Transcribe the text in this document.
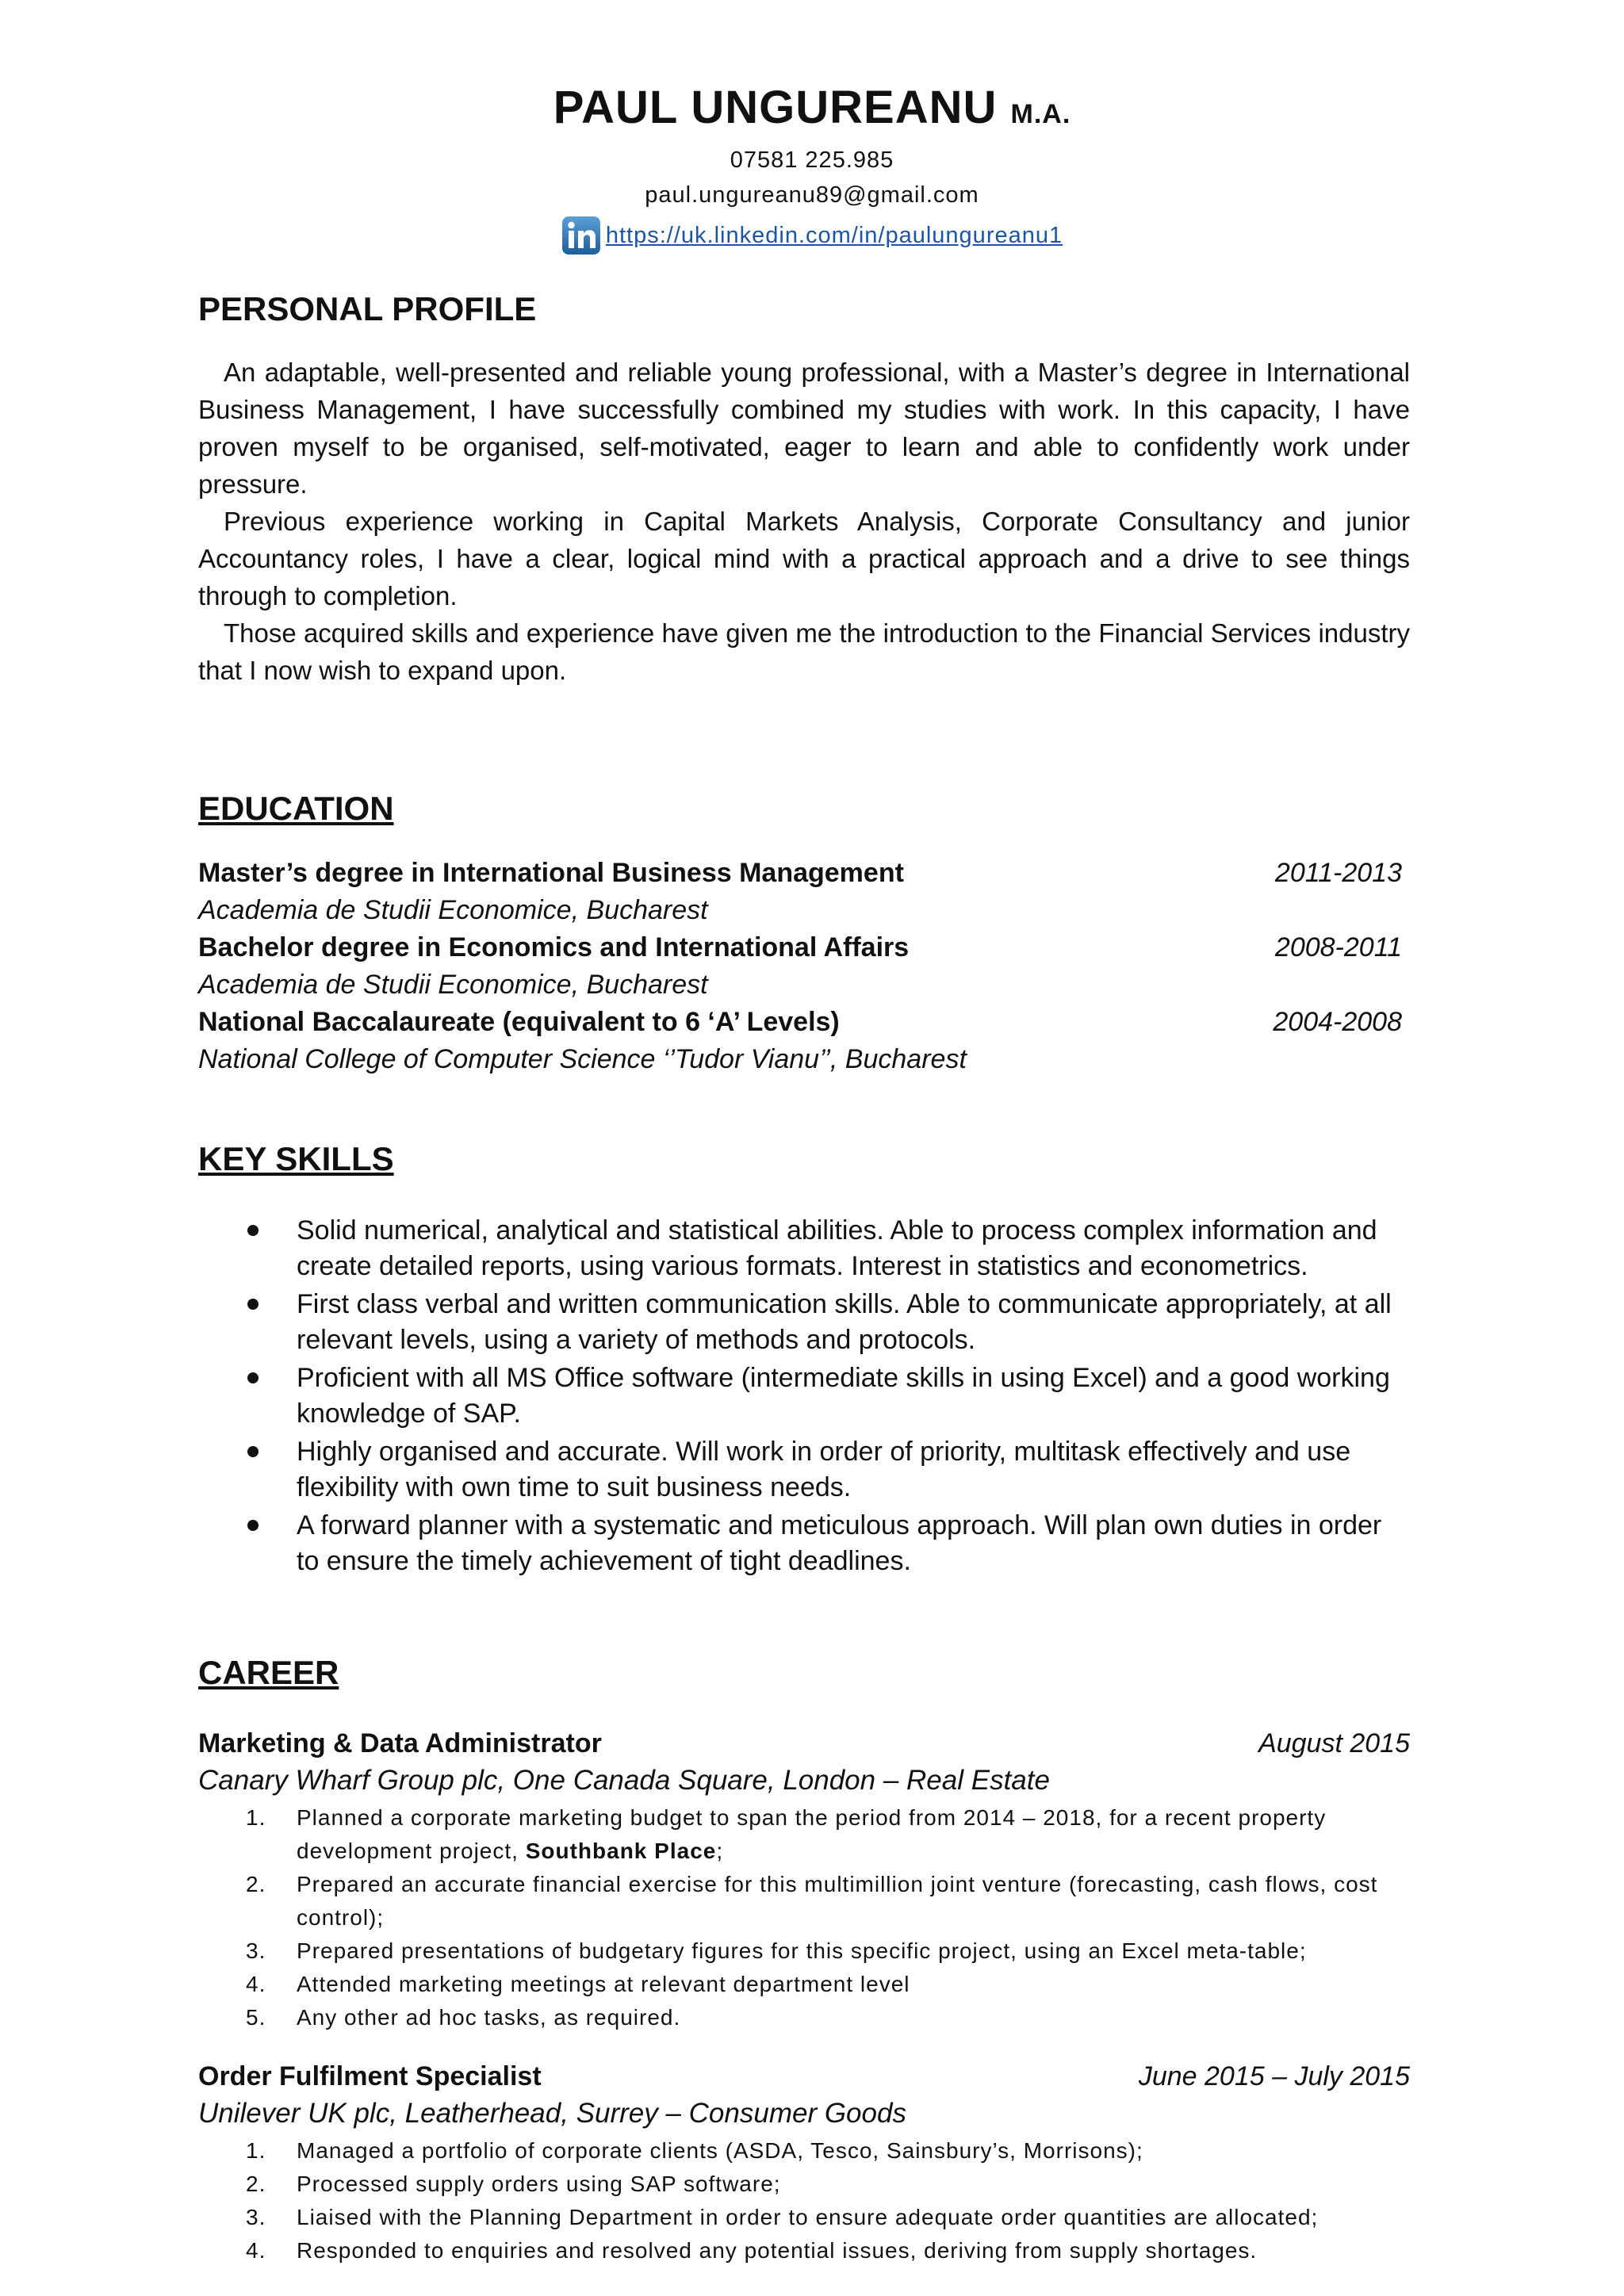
PAUL UNGUREANU M.A.
07581 225.985
paul.ungureanu89@gmail.com
https://uk.linkedin.com/in/paulungureanu1
PERSONAL PROFILE

An adaptable, well-presented and reliable young professional, with a Master’s degree in International Business Management, I have successfully combined my studies with work. In this capacity, I have proven myself to be organised, self-motivated, eager to learn and able to confidently work under pressure.

Previous experience working in Capital Markets Analysis, Corporate Consultancy and junior Accountancy roles, I have a clear, logical mind with a practical approach and a drive to see things through to completion.

Those acquired skills and experience have given me the introduction to the Financial Services industry that I now wish to expand upon.

EDUCATION
Master’s degree in International Business Management	2011-2013
Academia de Studii Economice, Bucharest
Bachelor degree in Economics and International Affairs	2008-2011
Academia de Studii Economice, Bucharest
National Baccalaureate (equivalent to 6 ‘A’ Levels)	2004-2008
National College of Computer Science ‘’Tudor Vianu’’, Bucharest
KEY SKILLS
Solid numerical, analytical and statistical abilities. Able to process complex information and create detailed reports, using various formats. Interest in statistics and econometrics.
First class verbal and written communication skills. Able to communicate appropriately, at all relevant levels, using a variety of methods and protocols.
Proficient with all MS Office software (intermediate skills in using Excel) and a good working knowledge of SAP.
Highly organised and accurate. Will work in order of priority, multitask effectively and use flexibility with own time to suit business needs.
A forward planner with a systematic and meticulous approach. Will plan own duties in order to ensure the timely achievement of tight deadlines.
CAREER
Marketing & Data Administrator	August 2015
Canary Wharf Group plc, One Canada Square, London – Real Estate
1. Planned a corporate marketing budget to span the period from 2014 – 2018, for a recent property development project, Southbank Place;
2. Prepared an accurate financial exercise for this multimillion joint venture (forecasting, cash flows, cost control);
3. Prepared presentations of budgetary figures for this specific project, using an Excel meta-table;
4. Attended marketing meetings at relevant department level
5. Any other ad hoc tasks, as required.
Order Fulfilment Specialist	June 2015 – July 2015
Unilever UK plc, Leatherhead, Surrey – Consumer Goods
1. Managed a portfolio of corporate clients (ASDA, Tesco, Sainsbury’s, Morrisons);
2. Processed supply orders using SAP software;
3. Liaised with the Planning Department in order to ensure adequate order quantities are allocated;
4. Responded to enquiries and resolved any potential issues, deriving from supply shortages.
